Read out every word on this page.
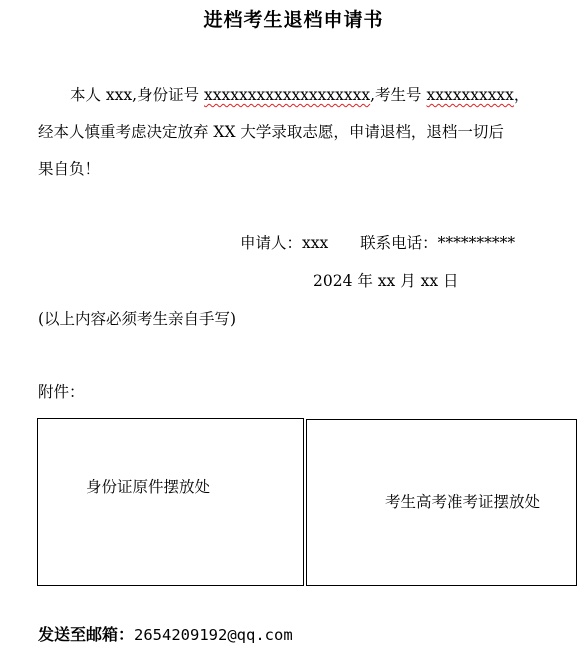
进档考生退档申请书
本人 xxx,身份证号 xxxxxxxxxxxxxxxxxxx,考生号 xxxxxxxxxx，
经本人慎重考虑决定放弃 XX 大学录取志愿，申请退档，退档一切后
果自负！
申请人：xxx 联系电话：**********
2024 年 xx 月 xx 日
(以上内容必须考生亲自手写)
附件：
身份证原件摆放处
考生高考准考证摆放处
发送至邮箱：2654209192@qq.com
